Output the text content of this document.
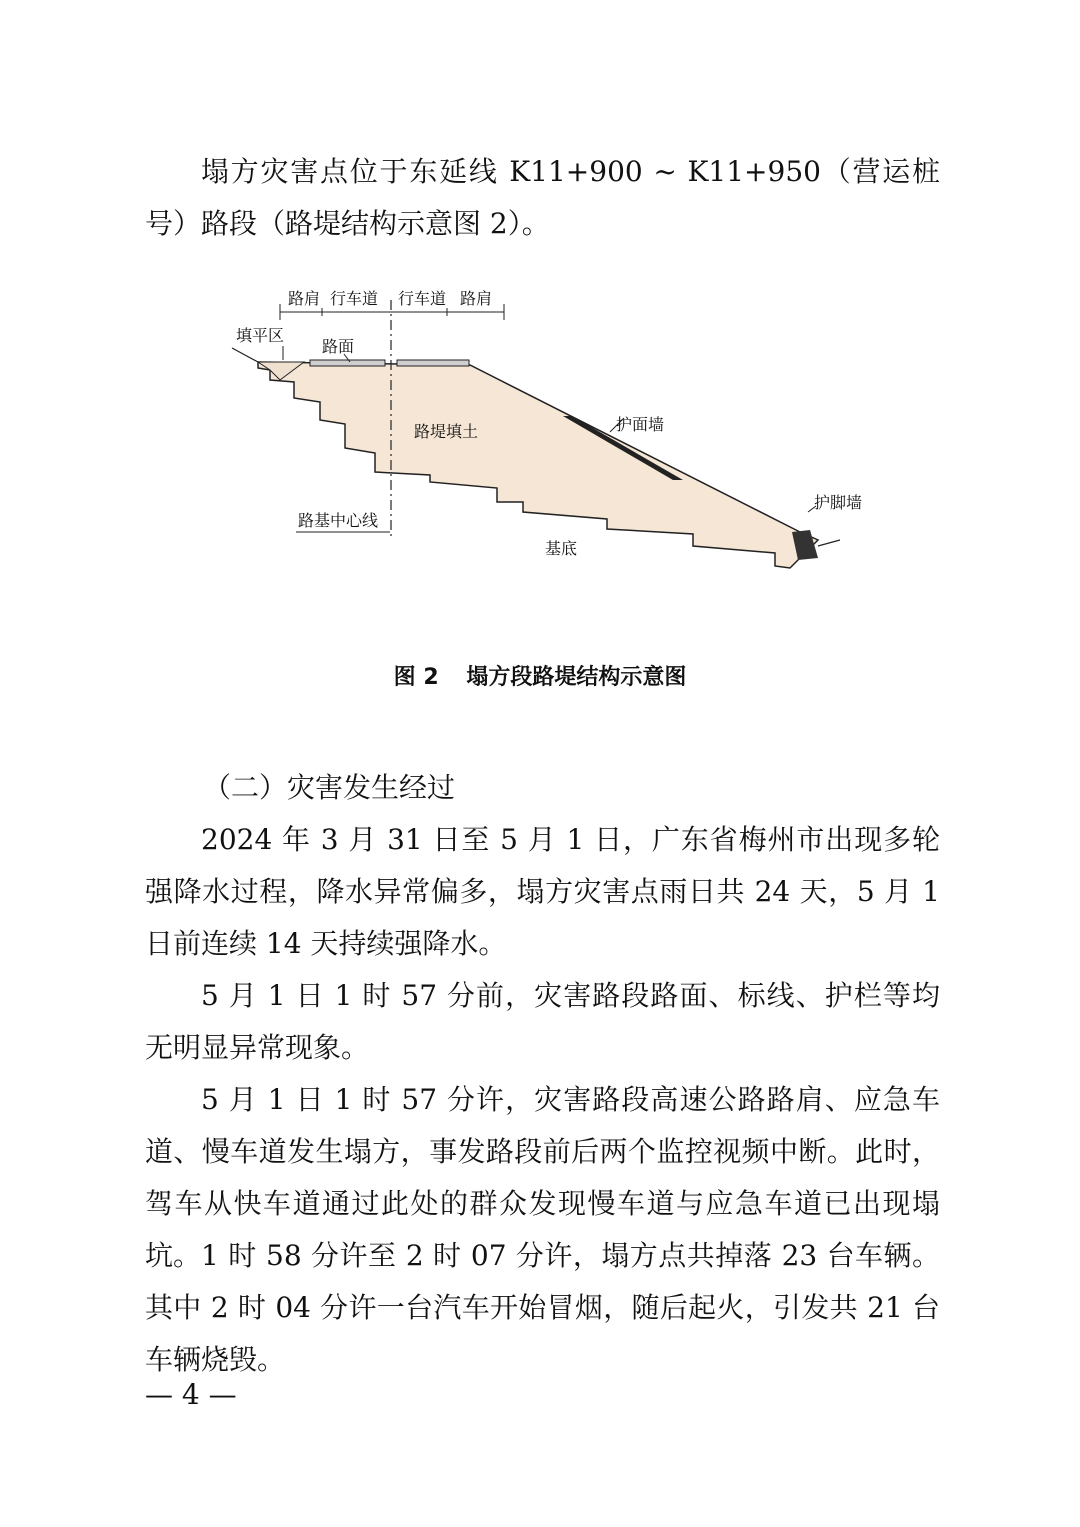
塌方灾害点位于东延线 K11+900 ~ K11+950（营运桩号）路段（路堤结构示意图 2）。

路肩 行车道 行车道 路肩
填平区
路面
路堤填土	护面墙
护脚墙
路基中心线
基底
图 2 塌方段路堤结构示意图

（二）灾害发生经过

2024 年 3 月 31 日至 5 月 1 日，广东省梅州市出现多轮强降水过程，降水异常偏多，塌方灾害点雨日共 24 天，5 月 1 日前连续 14 天持续强降水。

5 月 1 日 1 时 57 分前，灾害路段路面、标线、护栏等均无明显异常现象。

5 月 1 日 1 时 57 分许，灾害路段高速公路路肩、应急车道、慢车道发生塌方，事发路段前后两个监控视频中断。此时，驾车从快车道通过此处的群众发现慢车道与应急车道已出现塌坑。 1 时 58 分许至 2 时 07 分许，塌方点共掉落 23 台车辆。其中 2 时 04 分许一台汽车开始冒烟，随后起火，引发共 21 台车辆烧毁。

— 4 —
